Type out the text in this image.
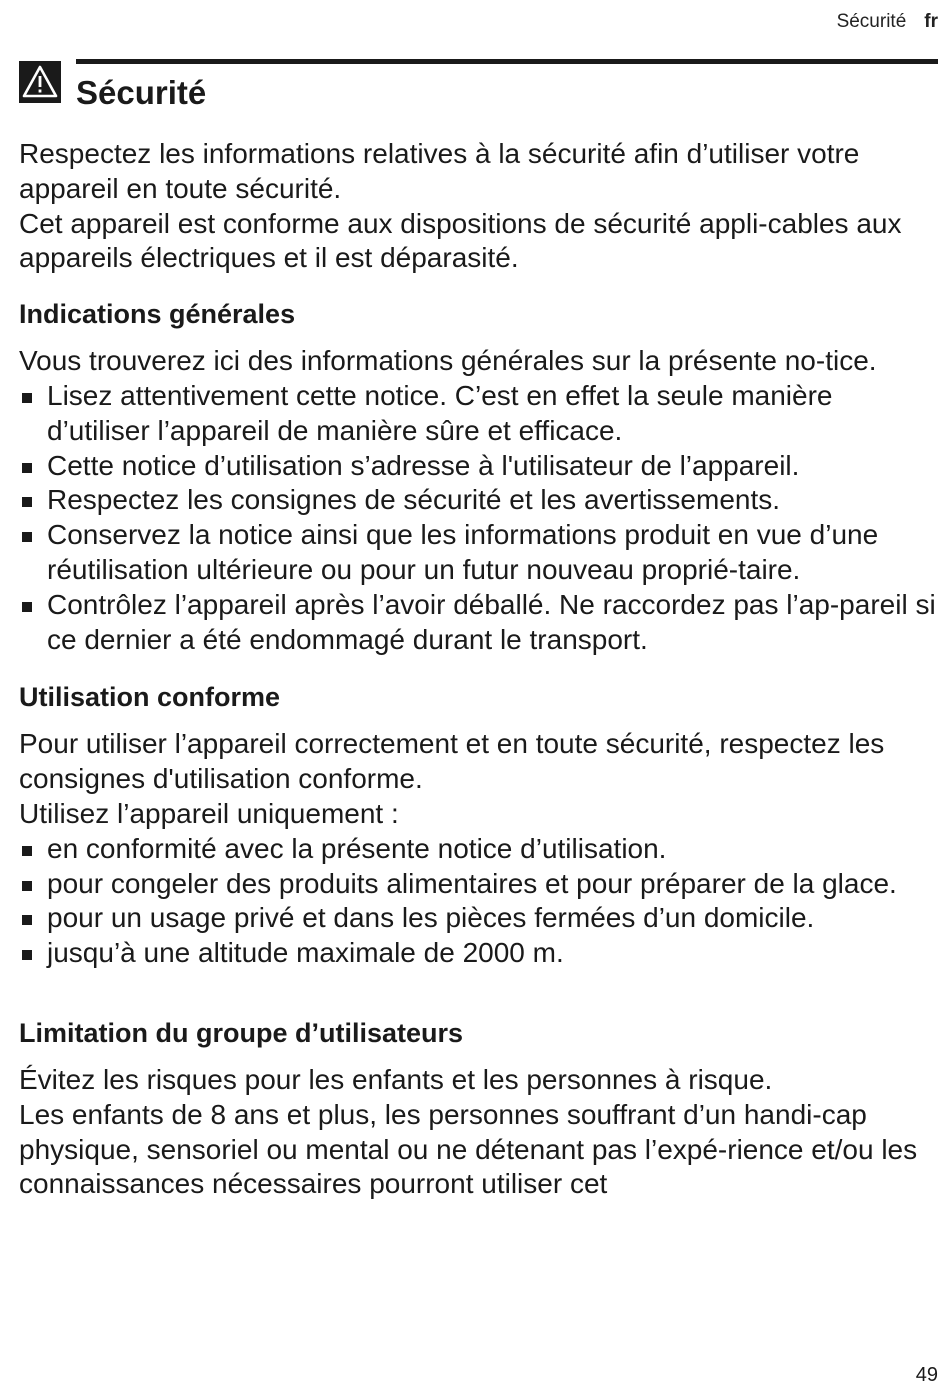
Sécurité fr
Sécurité

Respectez les informations relatives à la sécurité afin d’utiliser votre appareil en toute sécurité.

Cet appareil est conforme aux dispositions de sécurité appli-cables aux appareils électriques et il est déparasité.

Indications générales

Vous trouverez ici des informations générales sur la présente no-tice.

Lisez attentivement cette notice. C’est en effet la seule manière d’utiliser l’appareil de manière sûre et efficace.
Cette notice d’utilisation s’adresse à l'utilisateur de l’appareil.
Respectez les consignes de sécurité et les avertissements.
Conservez la notice ainsi que les informations produit en vue d’une réutilisation ultérieure ou pour un futur nouveau proprié-taire.
Contrôlez l’appareil après l’avoir déballé. Ne raccordez pas l’ap-pareil si ce dernier a été endommagé durant le transport.
Utilisation conforme

Pour utiliser l’appareil correctement et en toute sécurité, respectez les consignes d'utilisation conforme.

Utilisez l’appareil uniquement :

en conformité avec la présente notice d’utilisation.
pour congeler des produits alimentaires et pour préparer de la glace.
pour un usage privé et dans les pièces fermées d’un domicile.
jusqu’à une altitude maximale de 2000 m.
Limitation du groupe d’utilisateurs

Évitez les risques pour les enfants et les personnes à risque.

Les enfants de 8 ans et plus, les personnes souffrant d’un handi-cap physique, sensoriel ou mental ou ne détenant pas l’expé-rience et/ou les connaissances nécessaires pourront utiliser cet

49
